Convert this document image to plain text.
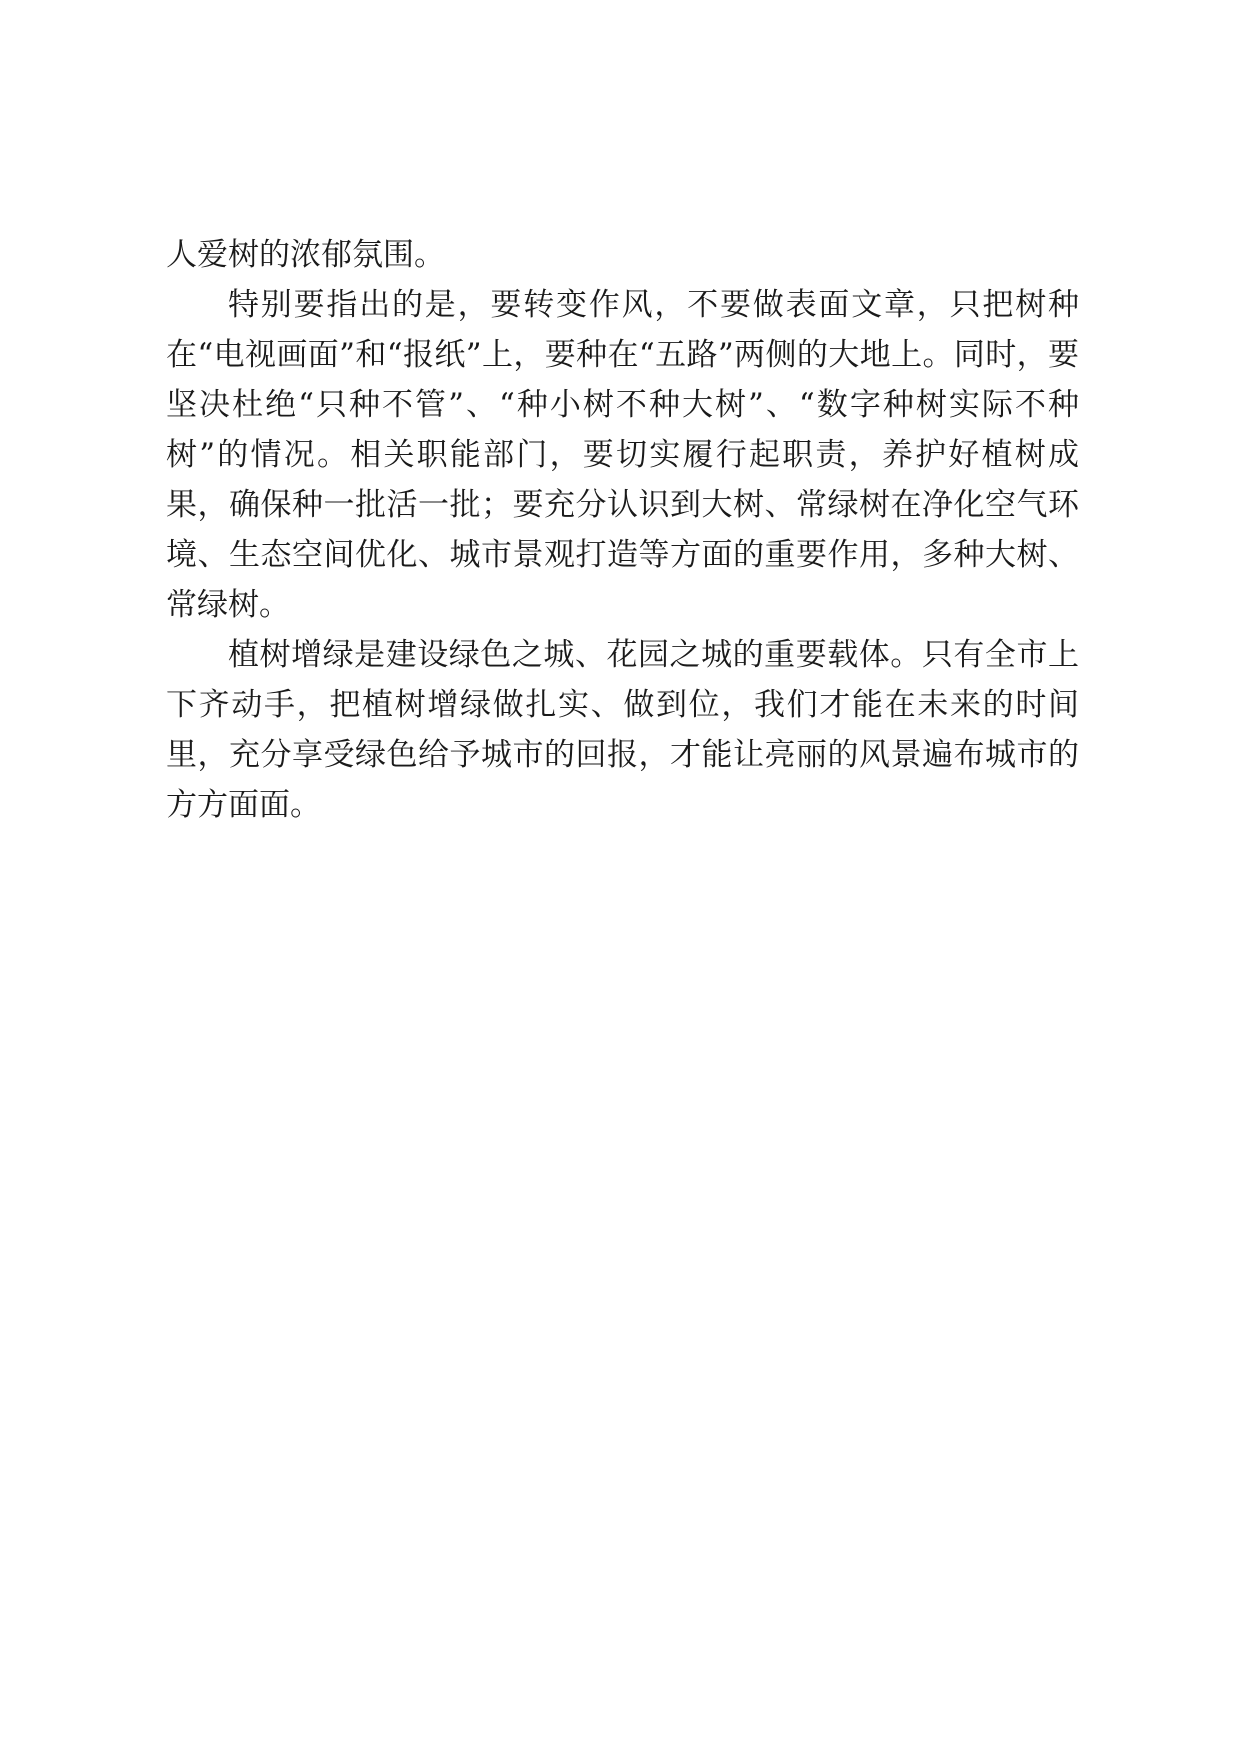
人爱树的浓郁氛围。

特别要指出的是，要转变作风，不要做表面文章，只把树种在“电视画面”和“报纸”上，要种在“五路”两侧的大地上。同时，要坚决杜绝“只种不管”、“种小树不种大树”、“数字种树实际不种树”的情况。相关职能部门，要切实履行起职责，养护好植树成果，确保种一批活一批；要充分认识到大树、常绿树在净化空气环境、生态空间优化、城市景观打造等方面的重要作用，多种大树、常绿树。

植树增绿是建设绿色之城、花园之城的重要载体。只有全市上下齐动手，把植树增绿做扎实、做到位，我们才能在未来的时间里，充分享受绿色给予城市的回报，才能让亮丽的风景遍布城市的方方面面。
